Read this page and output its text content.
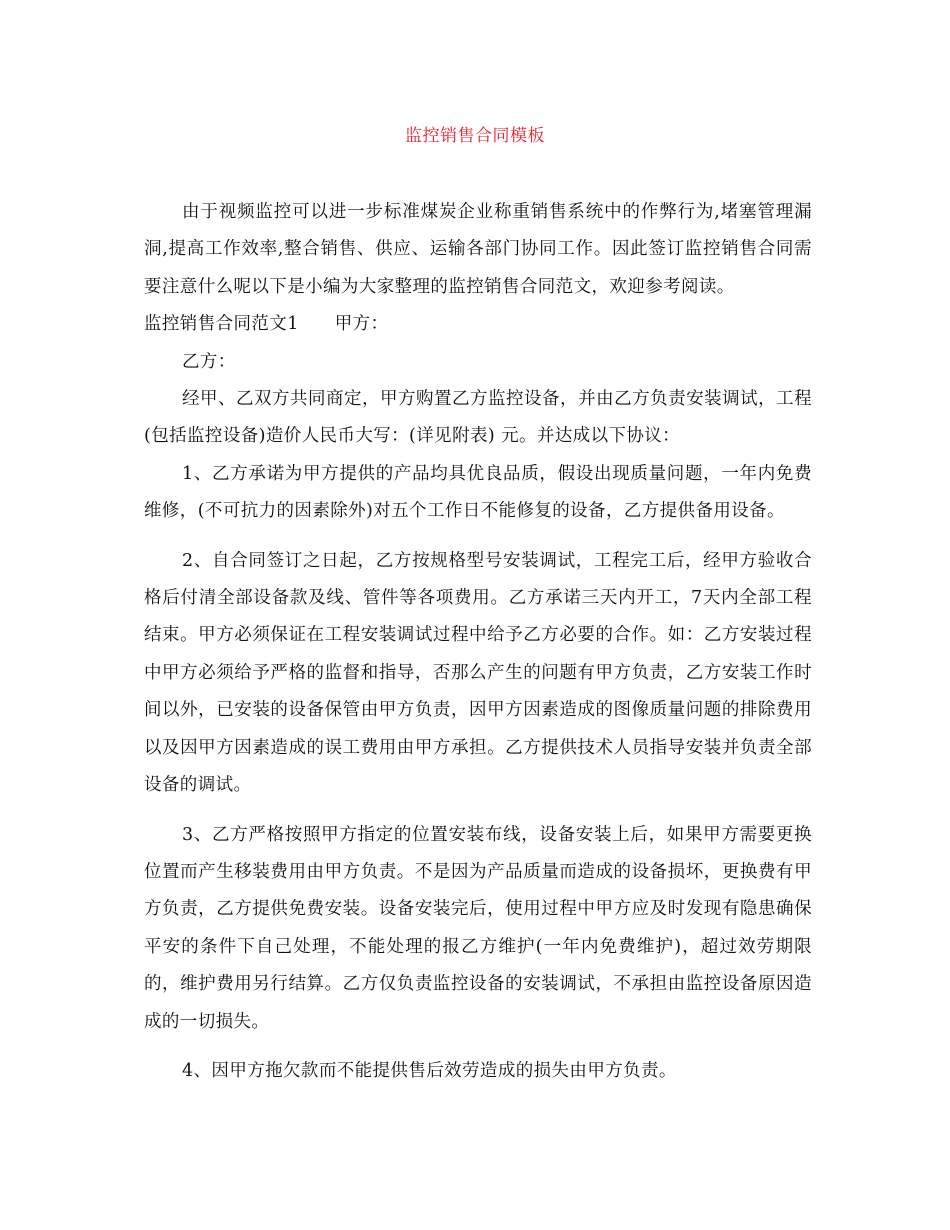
监控销售合同模板

由于视频监控可以进一步标准煤炭企业称重销售系统中的作弊行为,堵塞管理漏洞,提高工作效率,整合销售、供应、运输各部门协同工作。因此签订监控销售合同需要注意什么呢以下是小编为大家整理的监控销售合同范文，欢迎参考阅读。

监控销售合同范文1 甲方：

乙方：

经甲、乙双方共同商定，甲方购置乙方监控设备，并由乙方负责安装调试，工程(包括监控设备)造价人民币大写：(详见附表) 元。并达成以下协议：

1、乙方承诺为甲方提供的产品均具优良品质，假设出现质量问题，一年内免费维修，(不可抗力的因素除外)对五个工作日不能修复的设备，乙方提供备用设备。

2、自合同签订之日起，乙方按规格型号安装调试，工程完工后，经甲方验收合格后付清全部设备款及线、管件等各项费用。乙方承诺三天内开工，7天内全部工程结束。甲方必须保证在工程安装调试过程中给予乙方必要的合作。如：乙方安装过程中甲方必须给予严格的监督和指导，否那么产生的问题有甲方负责，乙方安装工作时间以外，已安装的设备保管由甲方负责，因甲方因素造成的图像质量问题的排除费用以及因甲方因素造成的误工费用由甲方承担。乙方提供技术人员指导安装并负责全部设备的调试。

3、乙方严格按照甲方指定的位置安装布线，设备安装上后，如果甲方需要更换位置而产生移装费用由甲方负责。不是因为产品质量而造成的设备损坏，更换费有甲方负责，乙方提供免费安装。设备安装完后，使用过程中甲方应及时发现有隐患确保平安的条件下自己处理，不能处理的报乙方维护(一年内免费维护)，超过效劳期限的，维护费用另行结算。乙方仅负责监控设备的安装调试，不承担由监控设备原因造成的一切损失。

4、因甲方拖欠款而不能提供售后效劳造成的损失由甲方负责。
